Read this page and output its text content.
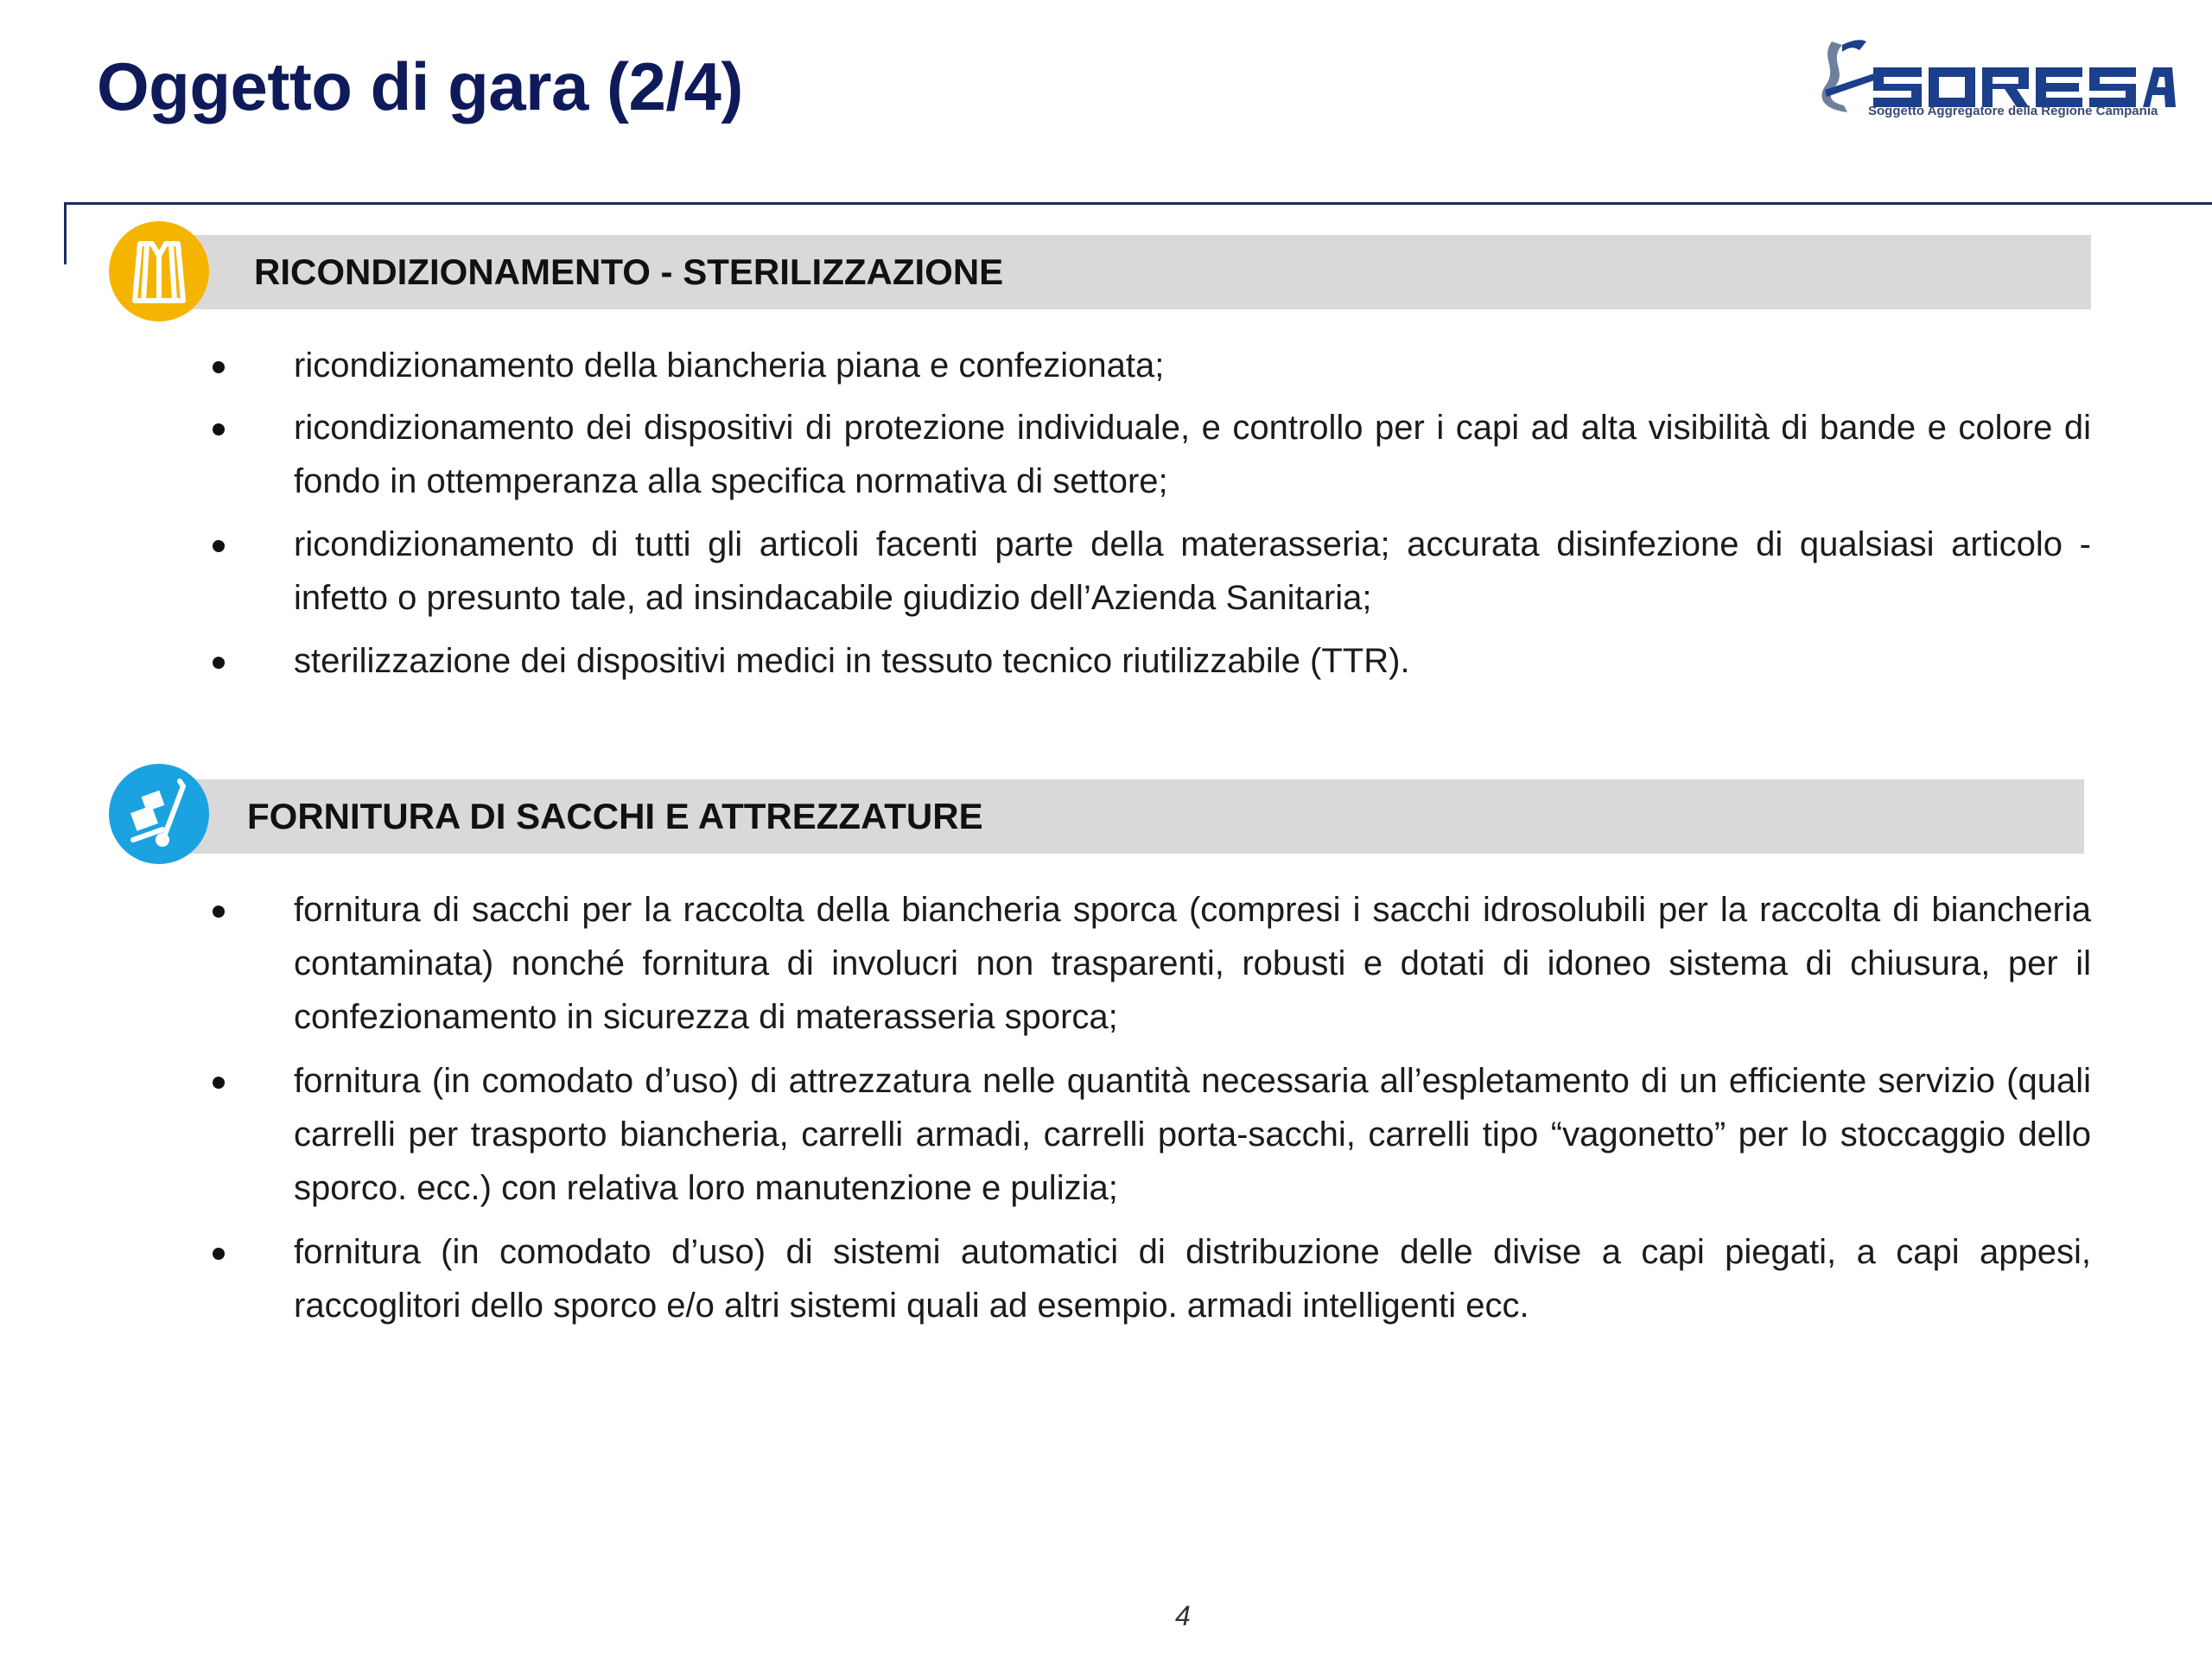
Oggetto di gara (2/4)	Soggetto Aggregatore della Regione Campania
RICONDIZIONAMENTO - STERILIZZAZIONE
ricondizionamento della biancheria piana e confezionata;
ricondizionamento dei dispositivi di protezione individuale, e controllo per i capi ad alta visibilità di bande e colore di fondo in ottemperanza alla specifica normativa di settore;
ricondizionamento di tutti gli articoli facenti parte della materasseria; accurata disinfezione di qualsiasi articolo - infetto o presunto tale, ad insindacabile giudizio dell’Azienda Sanitaria;
sterilizzazione dei dispositivi medici in tessuto tecnico riutilizzabile (TTR).
FORNITURA DI SACCHI E ATTREZZATURE
fornitura di sacchi per la raccolta della biancheria sporca (compresi i sacchi idrosolubili per la raccolta di biancheria contaminata) nonché fornitura di involucri non trasparenti, robusti e dotati di idoneo sistema di chiusura, per il confezionamento in sicurezza di materasseria sporca;
fornitura (in comodato d’uso) di attrezzatura nelle quantità necessaria all’espletamento di un efficiente servizio (quali carrelli per trasporto biancheria, carrelli armadi, carrelli porta-sacchi, carrelli tipo “vagonetto” per lo stoccaggio dello sporco. ecc.) con relativa loro manutenzione e pulizia;
fornitura (in comodato d’uso) di sistemi automatici di distribuzione delle divise a capi piegati, a capi appesi, raccoglitori dello sporco e/o altri sistemi quali ad esempio. armadi intelligenti ecc.
4
